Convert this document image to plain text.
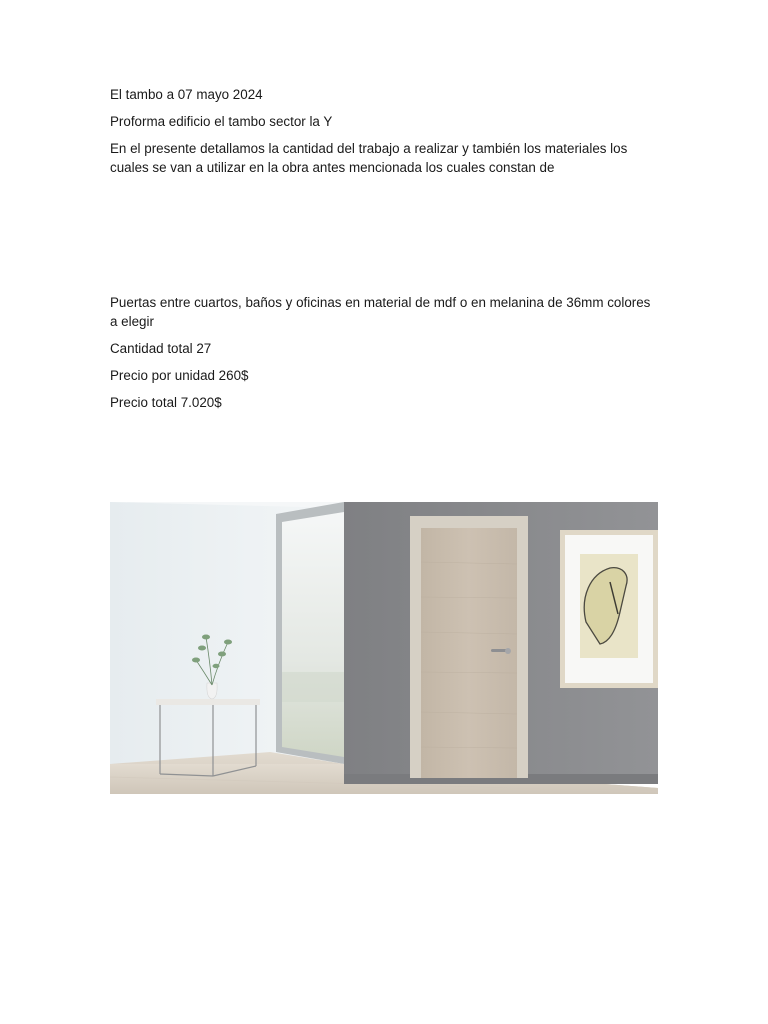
El tambo a 07 mayo 2024

Proforma edificio el tambo sector la Y

En el presente detallamos la cantidad del trabajo a realizar y también los materiales los cuales se van a utilizar en la obra antes mencionada los cuales constan de

Puertas entre cuartos, baños y oficinas en material de mdf o en melanina de 36mm colores a elegir

Cantidad total 27

Precio por unidad 260$

Precio total 7.020$
